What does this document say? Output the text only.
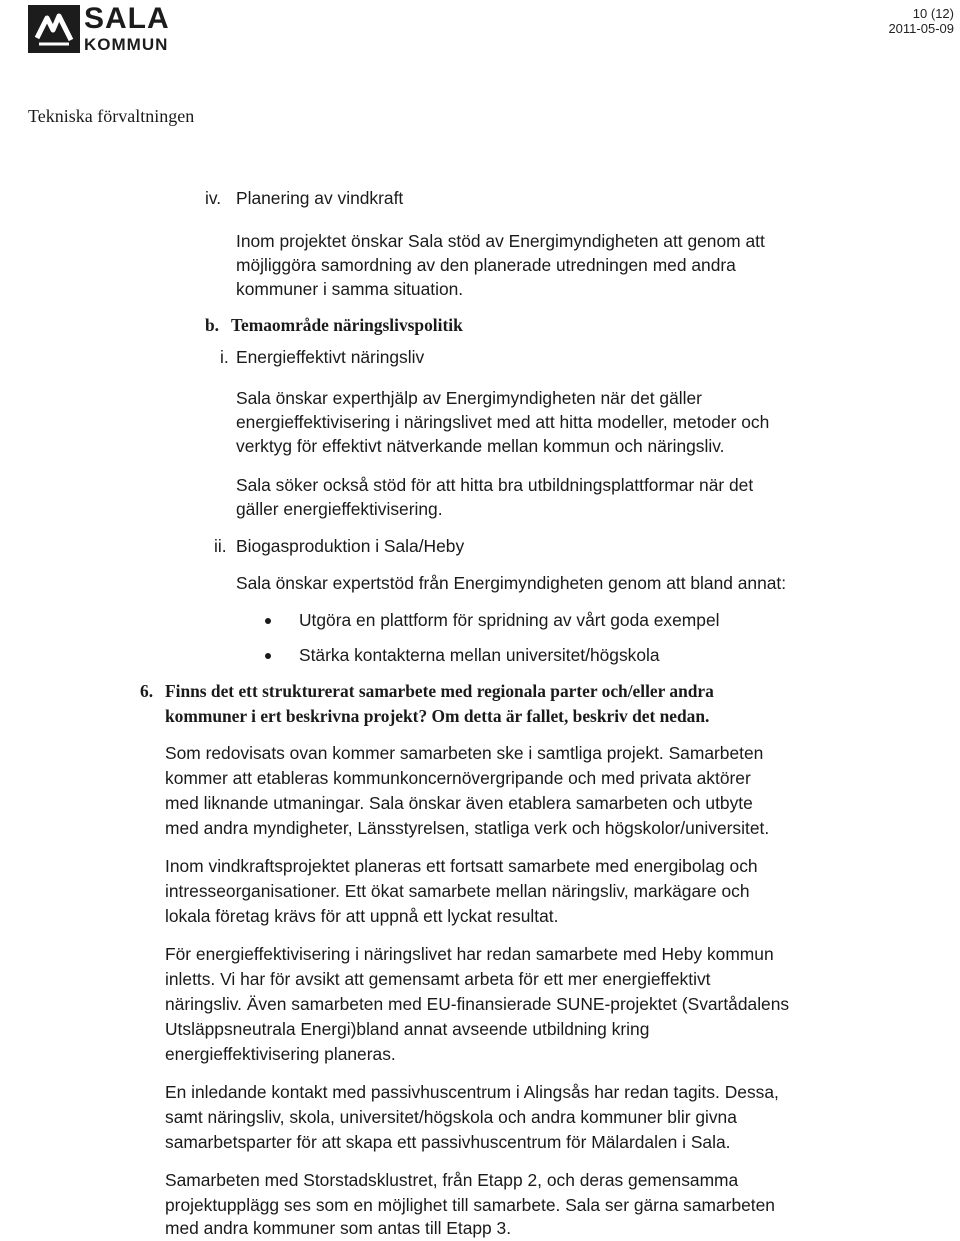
SALA
KOMMUN
10 (12)
2011-05-09
Tekniska förvaltningen
iv. Planering av vindkraft
Inom projektet önskar Sala stöd av Energimyndigheten att genom att
möjliggöra samordning av den planerade utredningen med andra
kommuner i samma situation.
b. Temaområde näringslivspolitik
i. Energieffektivt näringsliv
Sala önskar experthjälp av Energimyndigheten när det gäller
energieffektivisering i näringslivet med att hitta modeller, metoder och
verktyg för effektivt nätverkande mellan kommun och näringsliv.
Sala söker också stöd för att hitta bra utbildningsplattformar när det
gäller energieffektivisering.
ii. Biogasproduktion i Sala/Heby
Sala önskar expertstöd från Energimyndigheten genom att bland annat:
Utgöra en plattform för spridning av vårt goda exempel
Stärka kontakterna mellan universitet/högskola
6. Finns det ett strukturerat samarbete med regionala parter och/eller andra
kommuner i ert beskrivna projekt? Om detta är fallet, beskriv det nedan.
Som redovisats ovan kommer samarbeten ske i samtliga projekt. Samarbeten
kommer att etableras kommunkoncernövergripande och med privata aktörer
med liknande utmaningar. Sala önskar även etablera samarbeten och utbyte
med andra myndigheter, Länsstyrelsen, statliga verk och högskolor/universitet.
Inom vindkraftsprojektet planeras ett fortsatt samarbete med energibolag och
intresseorganisationer. Ett ökat samarbete mellan näringsliv, markägare och
lokala företag krävs för att uppnå ett lyckat resultat.
För energieffektivisering i näringslivet har redan samarbete med Heby kommun
inletts. Vi har för avsikt att gemensamt arbeta för ett mer energieffektivt
näringsliv. Även samarbeten med EU-finansierade SUNE-projektet (Svartådalens
Utsläppsneutrala Energi)bland annat avseende utbildning kring
energieffektivisering planeras.
En inledande kontakt med passivhuscentrum i Alingsås har redan tagits. Dessa,
samt näringsliv, skola, universitet/högskola och andra kommuner blir givna
samarbetsparter för att skapa ett passivhuscentrum för Mälardalen i Sala.
Samarbeten med Storstadsklustret, från Etapp 2, och deras gemensamma
projektupplägg ses som en möjlighet till samarbete. Sala ser gärna samarbeten
med andra kommuner som antas till Etapp 3.
